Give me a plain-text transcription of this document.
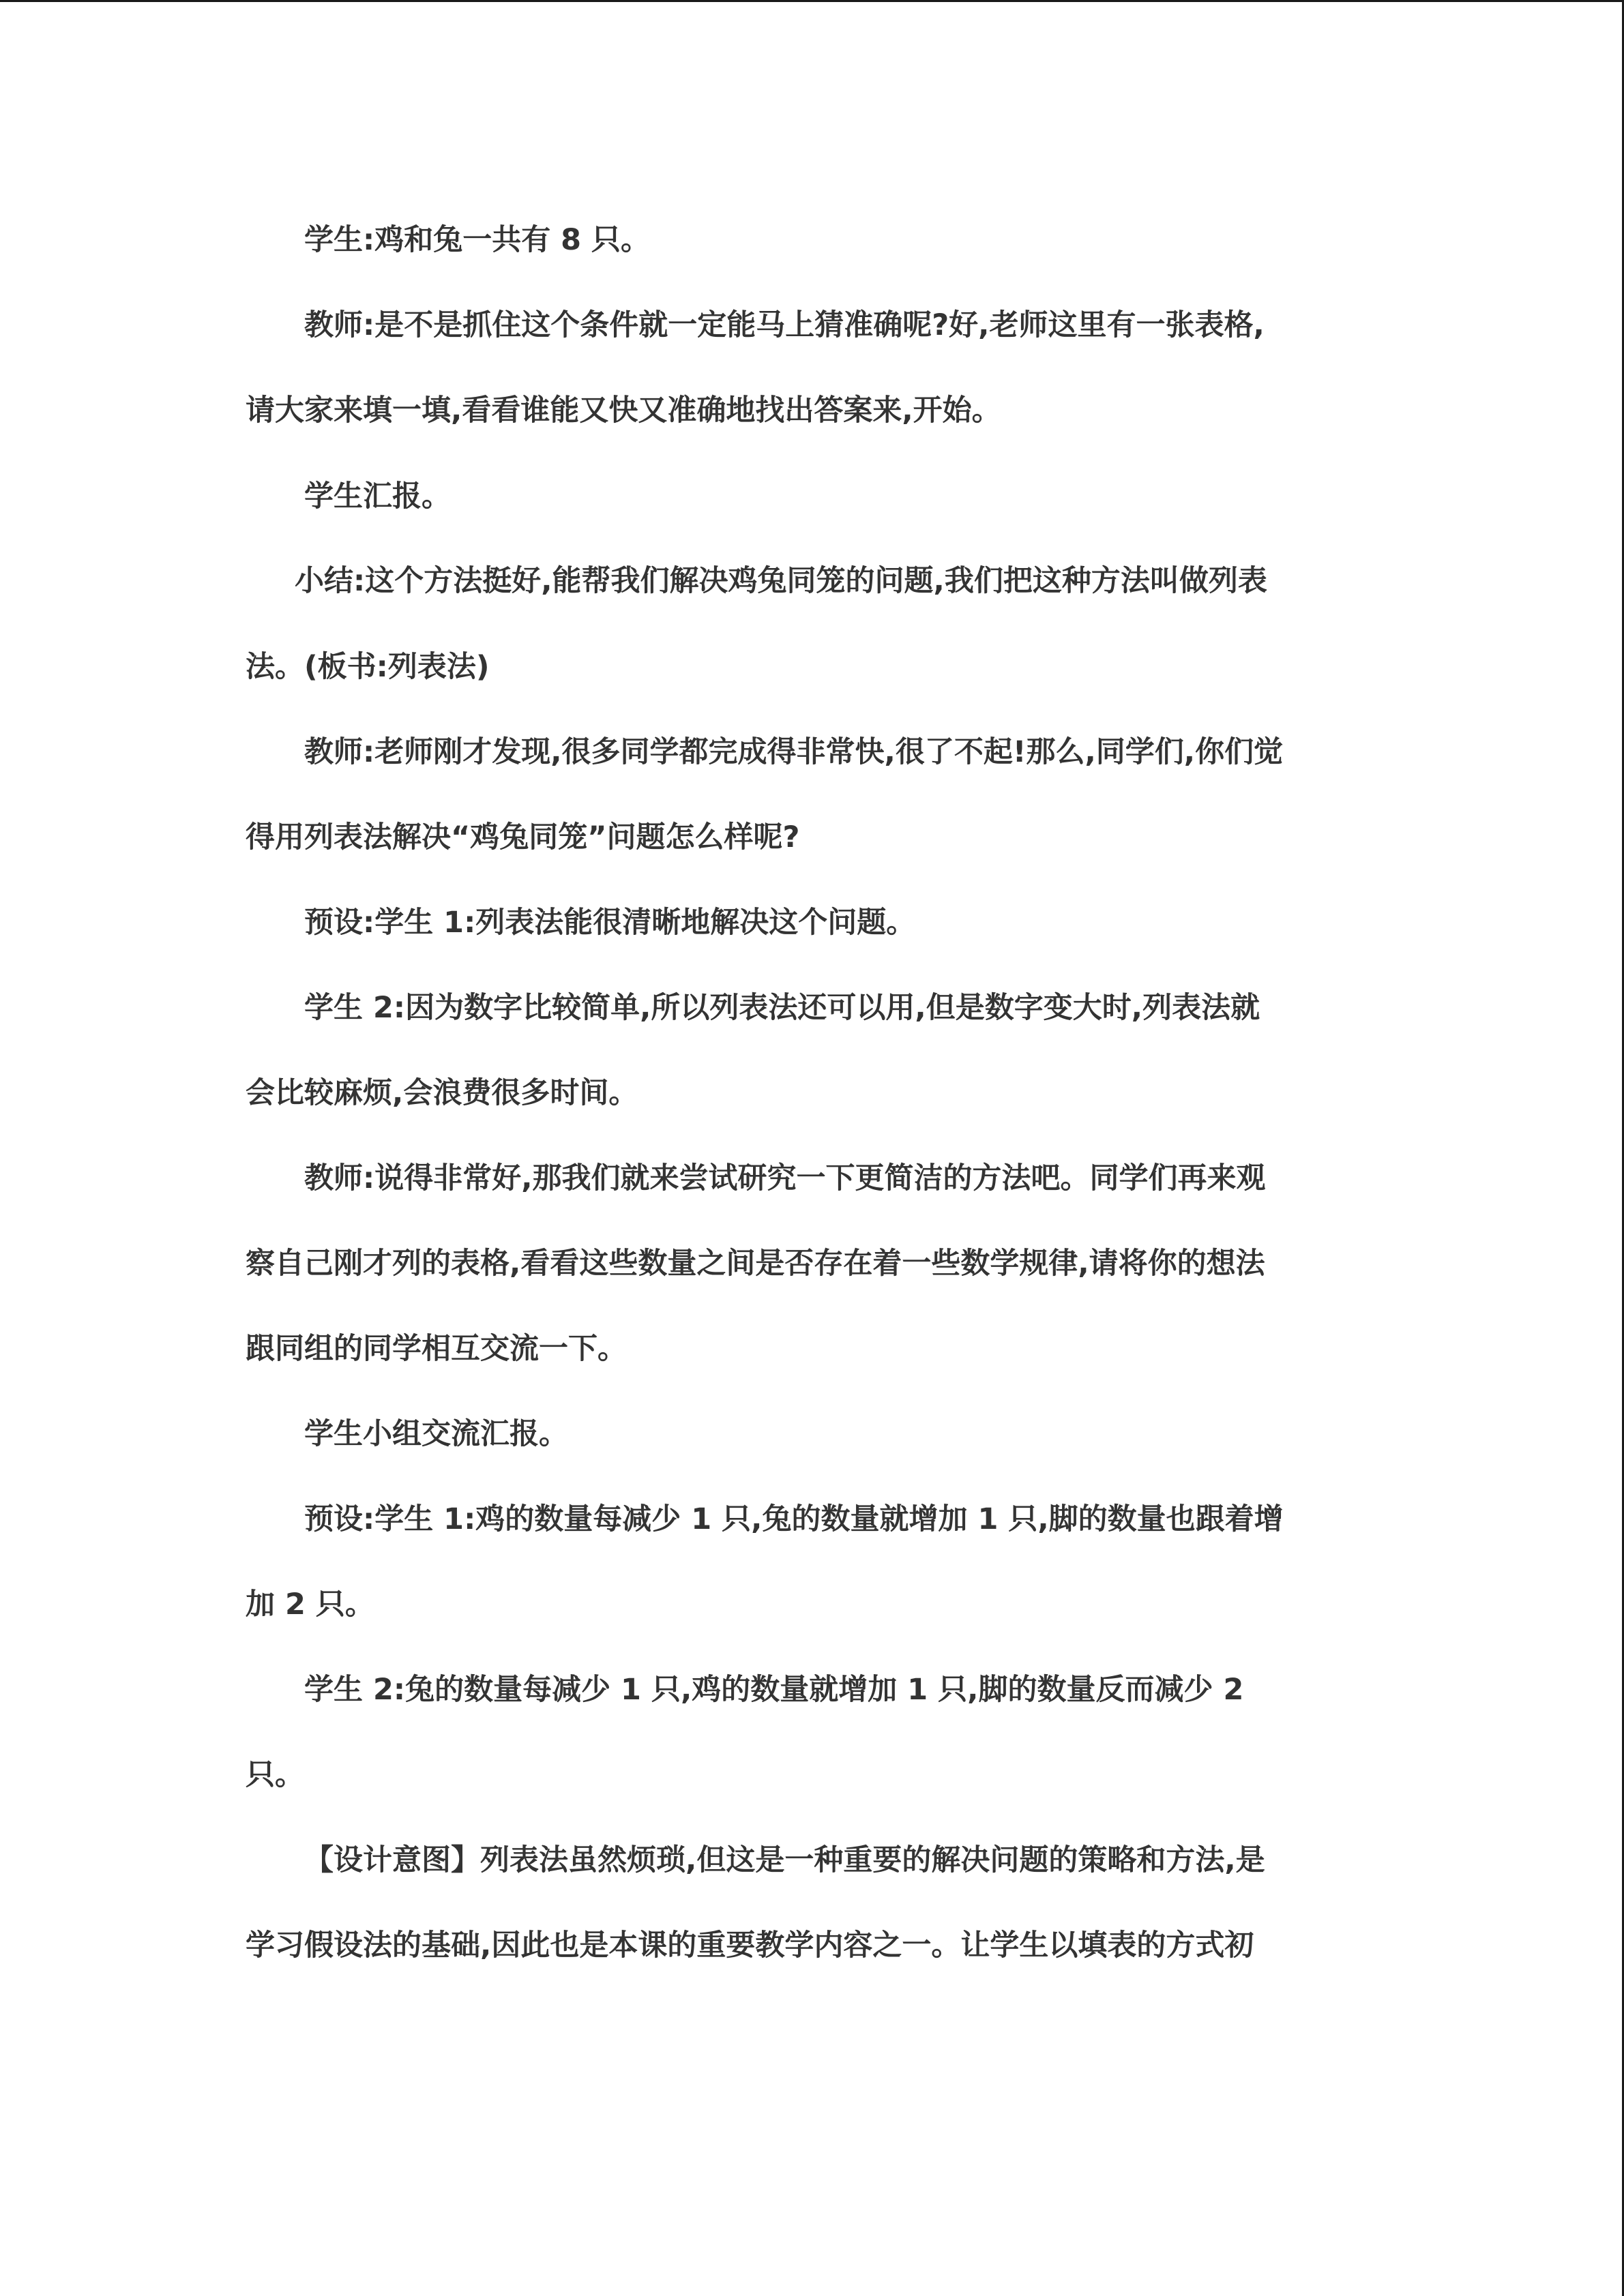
学生:鸡和兔一共有 8 只。
教师:是不是抓住这个条件就一定能马上猜准确呢?好,老师这里有一张表格,
请大家来填一填,看看谁能又快又准确地找出答案来,开始。
学生汇报。
小结:这个方法挺好,能帮我们解决鸡兔同笼的问题,我们把这种方法叫做列表
法。(板书:列表法)
教师:老师刚才发现,很多同学都完成得非常快,很了不起!那么,同学们,你们觉
得用列表法解决“鸡兔同笼”问题怎么样呢?
预设:学生 1:列表法能很清晰地解决这个问题。
学生 2:因为数字比较简单,所以列表法还可以用,但是数字变大时,列表法就
会比较麻烦,会浪费很多时间。
教师:说得非常好,那我们就来尝试研究一下更简洁的方法吧。同学们再来观
察自己刚才列的表格,看看这些数量之间是否存在着一些数学规律,请将你的想法
跟同组的同学相互交流一下。
学生小组交流汇报。
预设:学生 1:鸡的数量每减少 1 只,兔的数量就增加 1 只,脚的数量也跟着增
加 2 只。
学生 2:兔的数量每减少 1 只,鸡的数量就增加 1 只,脚的数量反而减少 2
只。
【设计意图】列表法虽然烦琐,但这是一种重要的解决问题的策略和方法,是
学习假设法的基础,因此也是本课的重要教学内容之一。让学生以填表的方式初
